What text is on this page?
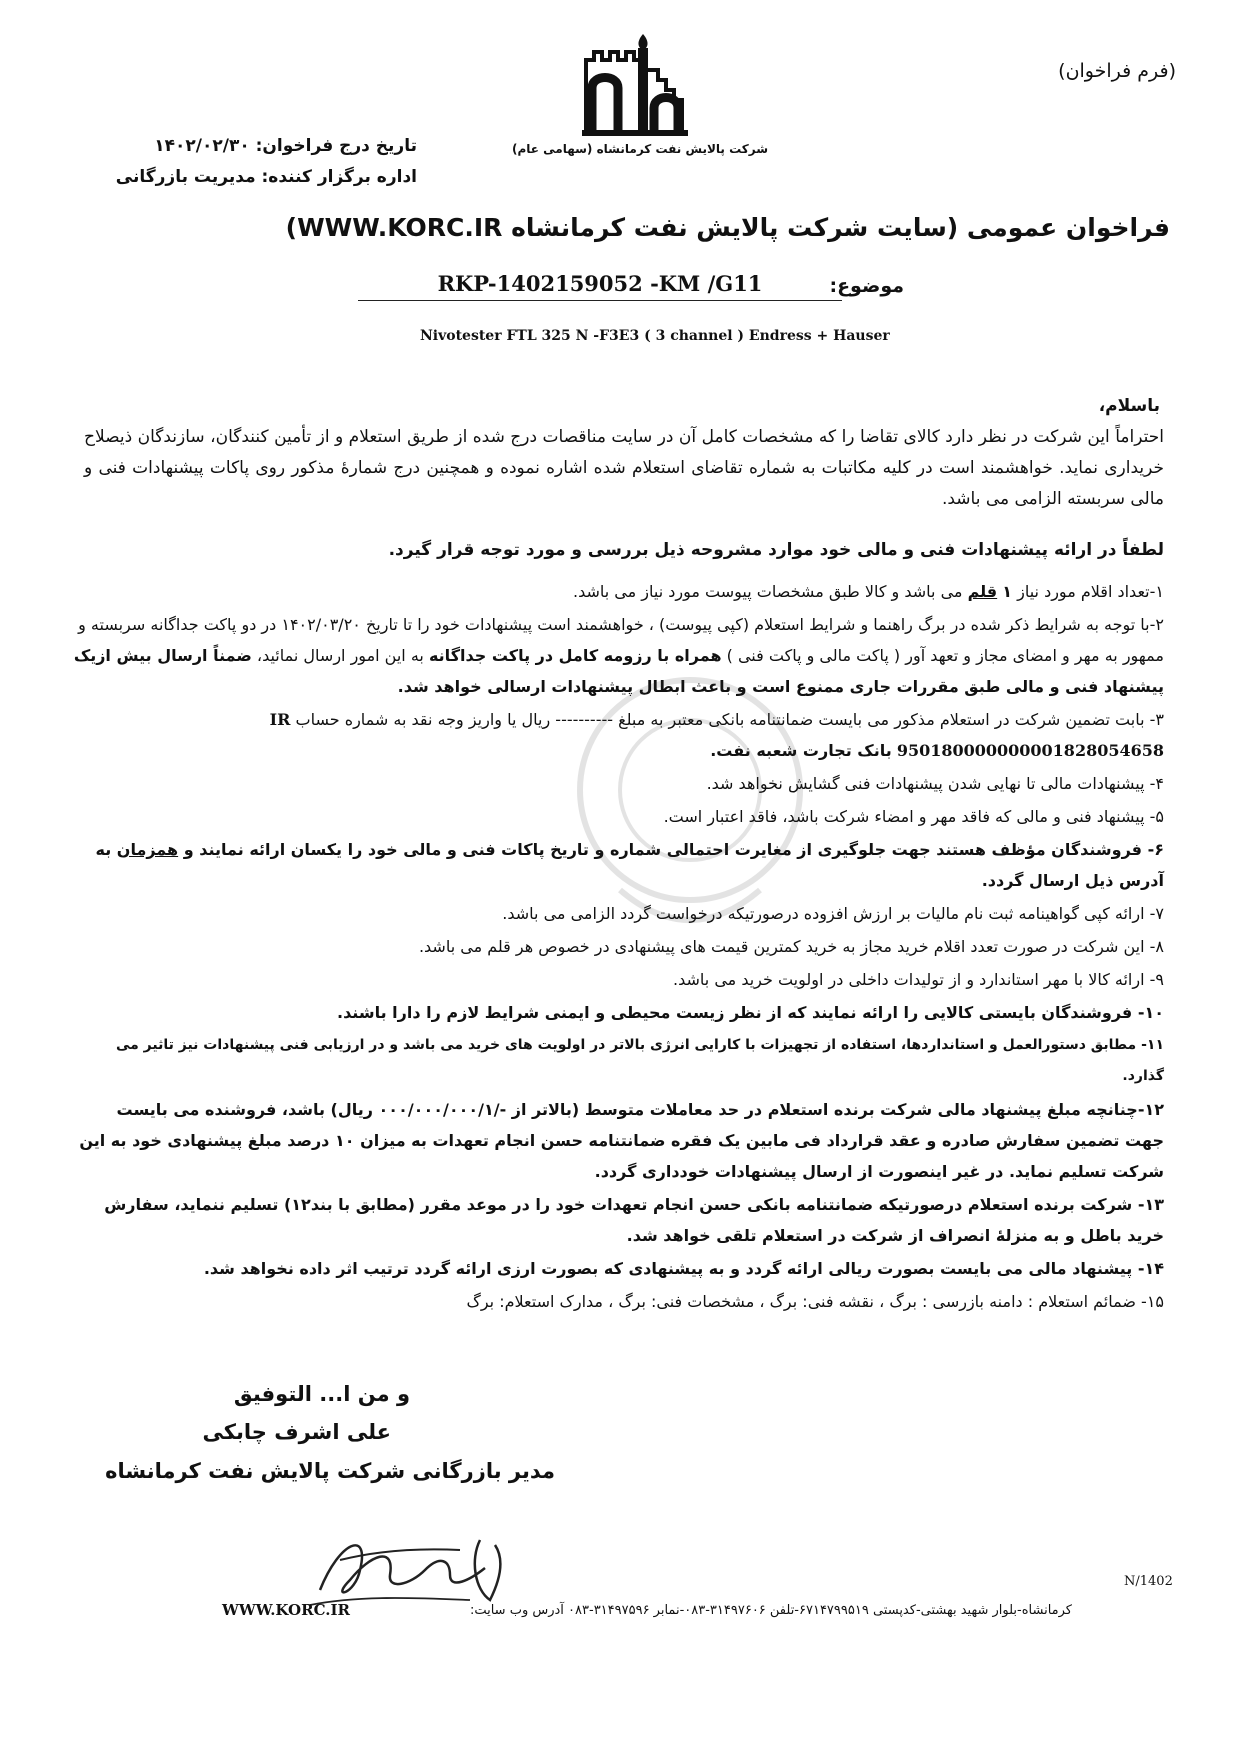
(فرم فراخوان)
شرکت پالایش نفت کرمانشاه (سهامی عام)
تاریخ درج فراخوان: ۱۴۰۲/۰۲/۳۰
اداره برگزار کننده: مدیریت بازرگانی
فراخوان عمومی (سایت شرکت پالایش نفت کرمانشاه WWW.KORC.IR)
موضوع:
RKP-1402159052 -KM /G11
Nivotester FTL 325 N -F3E3 ( 3 channel ) Endress + Hauser
باسلام،
احتراماً این شرکت در نظر دارد کالای تقاضا را که مشخصات کامل آن در سایت مناقصات درج شده از طریق استعلام و از تأمین کنندگان، سازندگان ذیصلاح خریداری نماید. خواهشمند است در کلیه مکاتبات به شماره تقاضای استعلام شده اشاره نموده و همچنین درج شمارهٔ مذکور روی پاکات پیشنهادات فنی و مالی سربسته الزامی می باشد.
لطفاً در ارائه پیشنهادات فنی و مالی خود موارد مشروحه ذیل بررسی و مورد توجه قرار گیرد.
۱-تعداد اقلام مورد نیاز ۱ قلم می باشد و کالا طبق مشخصات پیوست مورد نیاز می باشد.
۲-با توجه به شرایط ذکر شده در برگ راهنما و شرایط استعلام (کپی پیوست) ، خواهشمند است پیشنهادات خود را تا تاریخ ۱۴۰۲/۰۳/۲۰ در دو پاکت جداگانه سربسته و ممهور به مهر و امضای مجاز و تعهد آور ( پاکت مالی و پاکت فنی ) همراه با رزومه کامل در پاکت جداگانه به این امور ارسال نمائید، ضمناً ارسال بیش ازیک پیشنهاد فنی و مالی طبق مقررات جاری ممنوع است و باعث ابطال پیشنهادات ارسالی خواهد شد.
۳- بابت تضمین شرکت در استعلام مذکور می بایست ضمانتنامه بانکی معتبر به مبلغ ---------- ریال یا واریز وجه نقد به شماره حساب IR 950180000000001828054658 بانک تجارت شعبه نفت.
۴- پیشنهادات مالی تا نهایی شدن پیشنهادات فنی گشایش نخواهد شد.
۵- پیشنهاد فنی و مالی که فاقد مهر و امضاء شرکت باشد، فاقد اعتبار است.
۶- فروشندگان مؤظف هستند جهت جلوگیری از مغایرت احتمالی شماره و تاریخ پاکات فنی و مالی خود را یکسان ارائه نمایند و همزمان به آدرس ذیل ارسال گردد.
۷- ارائه کپی گواهینامه ثبت نام مالیات بر ارزش افزوده درصورتیکه درخواست گردد الزامی می باشد.
۸- این شرکت در صورت تعدد اقلام خرید مجاز به خرید کمترین قیمت های پیشنهادی در خصوص هر قلم می باشد.
۹- ارائه کالا با مهر استاندارد و از تولیدات داخلی در اولویت خرید می باشد.
۱۰- فروشندگان بایستی کالایی را ارائه نمایند که از نظر زیست محیطی و ایمنی شرایط لازم را دارا باشند.
۱۱- مطابق دستورالعمل و استانداردها، استفاده از تجهیزات با کارایی انرژی بالاتر در اولویت های خرید می باشد و در ارزیابی فنی پیشنهادات نیز تاثیر می گذارد.
۱۲-چنانچه مبلغ پیشنهاد مالی شرکت برنده استعلام در حد معاملات متوسط (بالاتر از -/۰۰۰/۰۰۰/۰۰۰/۱ ریال) باشد، فروشنده می بایست جهت تضمین سفارش صادره و عقد قرارداد فی مابین یک فقره ضمانتنامه حسن انجام تعهدات به میزان ۱۰ درصد مبلغ پیشنهادی خود به این شرکت تسلیم نماید. در غیر اینصورت از ارسال پیشنهادات خودداری گردد.
۱۳- شرکت برنده استعلام درصورتیکه ضمانتنامه بانکی حسن انجام تعهدات خود را در موعد مقرر (مطابق با بند۱۲) تسلیم ننماید، سفارش خرید باطل و به منزلهٔ انصراف از شرکت در استعلام تلقی خواهد شد.
۱۴- پیشنهاد مالی می بایست بصورت ریالی ارائه گردد و به پیشنهادی که بصورت ارزی ارائه گردد ترتیب اثر داده نخواهد شد.
۱۵- ضمائم استعلام : دامنه بازرسی : برگ ، نقشه فنی: برگ ، مشخصات فنی: برگ ، مدارک استعلام: برگ
و من ا... التوفیق
علی اشرف چابکی
مدیر بازرگانی شرکت پالایش نفت کرمانشاه
N/1402
کرمانشاه-بلوار شهید بهشتی-کدپستی ۶۷۱۴۷۹۹۵۱۹-تلفن ۳۱۴۹۷۶۰۶-۰۸۳-نمابر ۳۱۴۹۷۵۹۶-۰۸۳ آدرس وب سایت:
WWW.KORC.IR
